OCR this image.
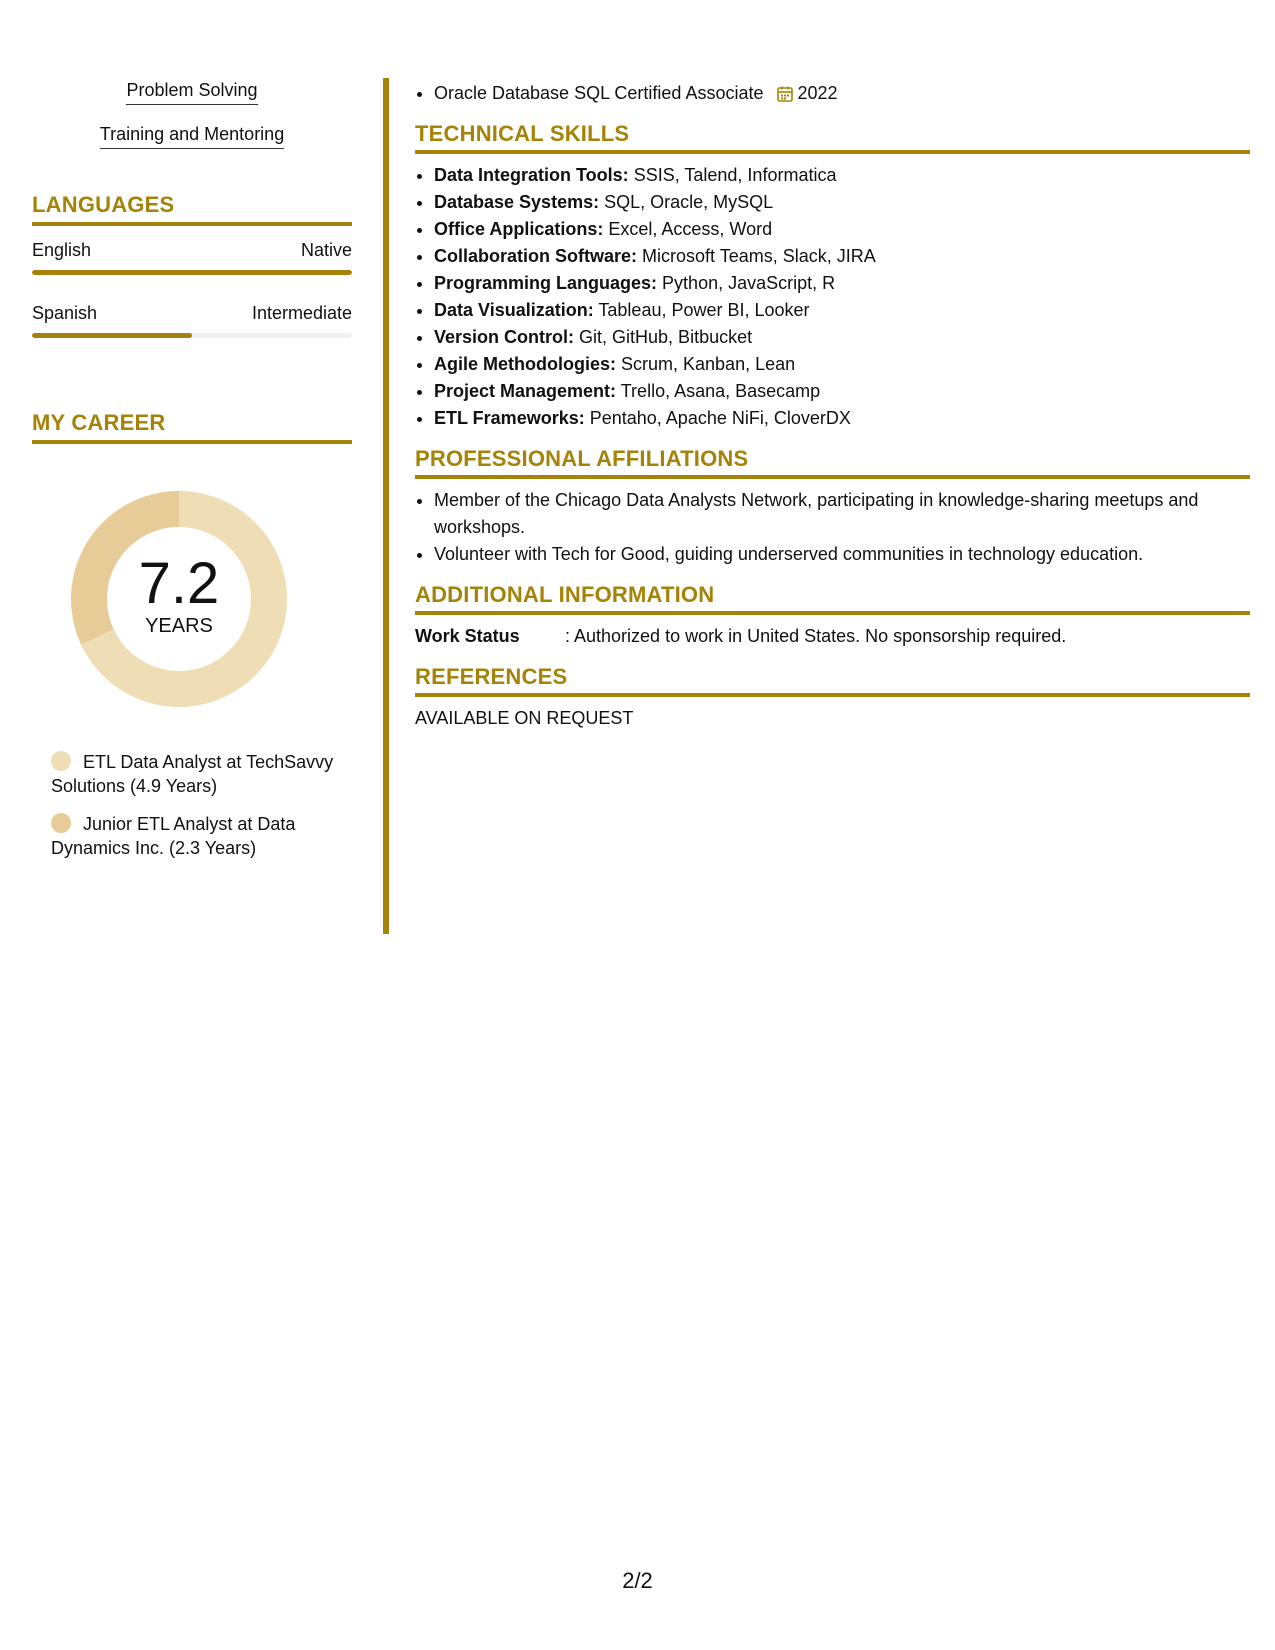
Problem Solving
Training and Mentoring
LANGUAGES
English	Native
Spanish	Intermediate
MY CAREER
7.2
YEARS
ETL Data Analyst at TechSavvy Solutions (4.9 Years)
Junior ETL Analyst at Data Dynamics Inc. (2.3 Years)
• Oracle Database SQL Certified Associate 2022
TECHNICAL SKILLS
• Data Integration Tools: SSIS, Talend, Informatica
• Database Systems: SQL, Oracle, MySQL
• Office Applications: Excel, Access, Word
• Collaboration Software: Microsoft Teams, Slack, JIRA
• Programming Languages: Python, JavaScript, R
• Data Visualization: Tableau, Power BI, Looker
• Version Control: Git, GitHub, Bitbucket
• Agile Methodologies: Scrum, Kanban, Lean
• Project Management: Trello, Asana, Basecamp
• ETL Frameworks: Pentaho, Apache NiFi, CloverDX
PROFESSIONAL AFFILIATIONS
• Member of the Chicago Data Analysts Network, participating in knowledge-sharing meetups and workshops.
• Volunteer with Tech for Good, guiding underserved communities in technology education.
ADDITIONAL INFORMATION
Work Status	: Authorized to work in United States. No sponsorship required.
REFERENCES
AVAILABLE ON REQUEST
2/2
